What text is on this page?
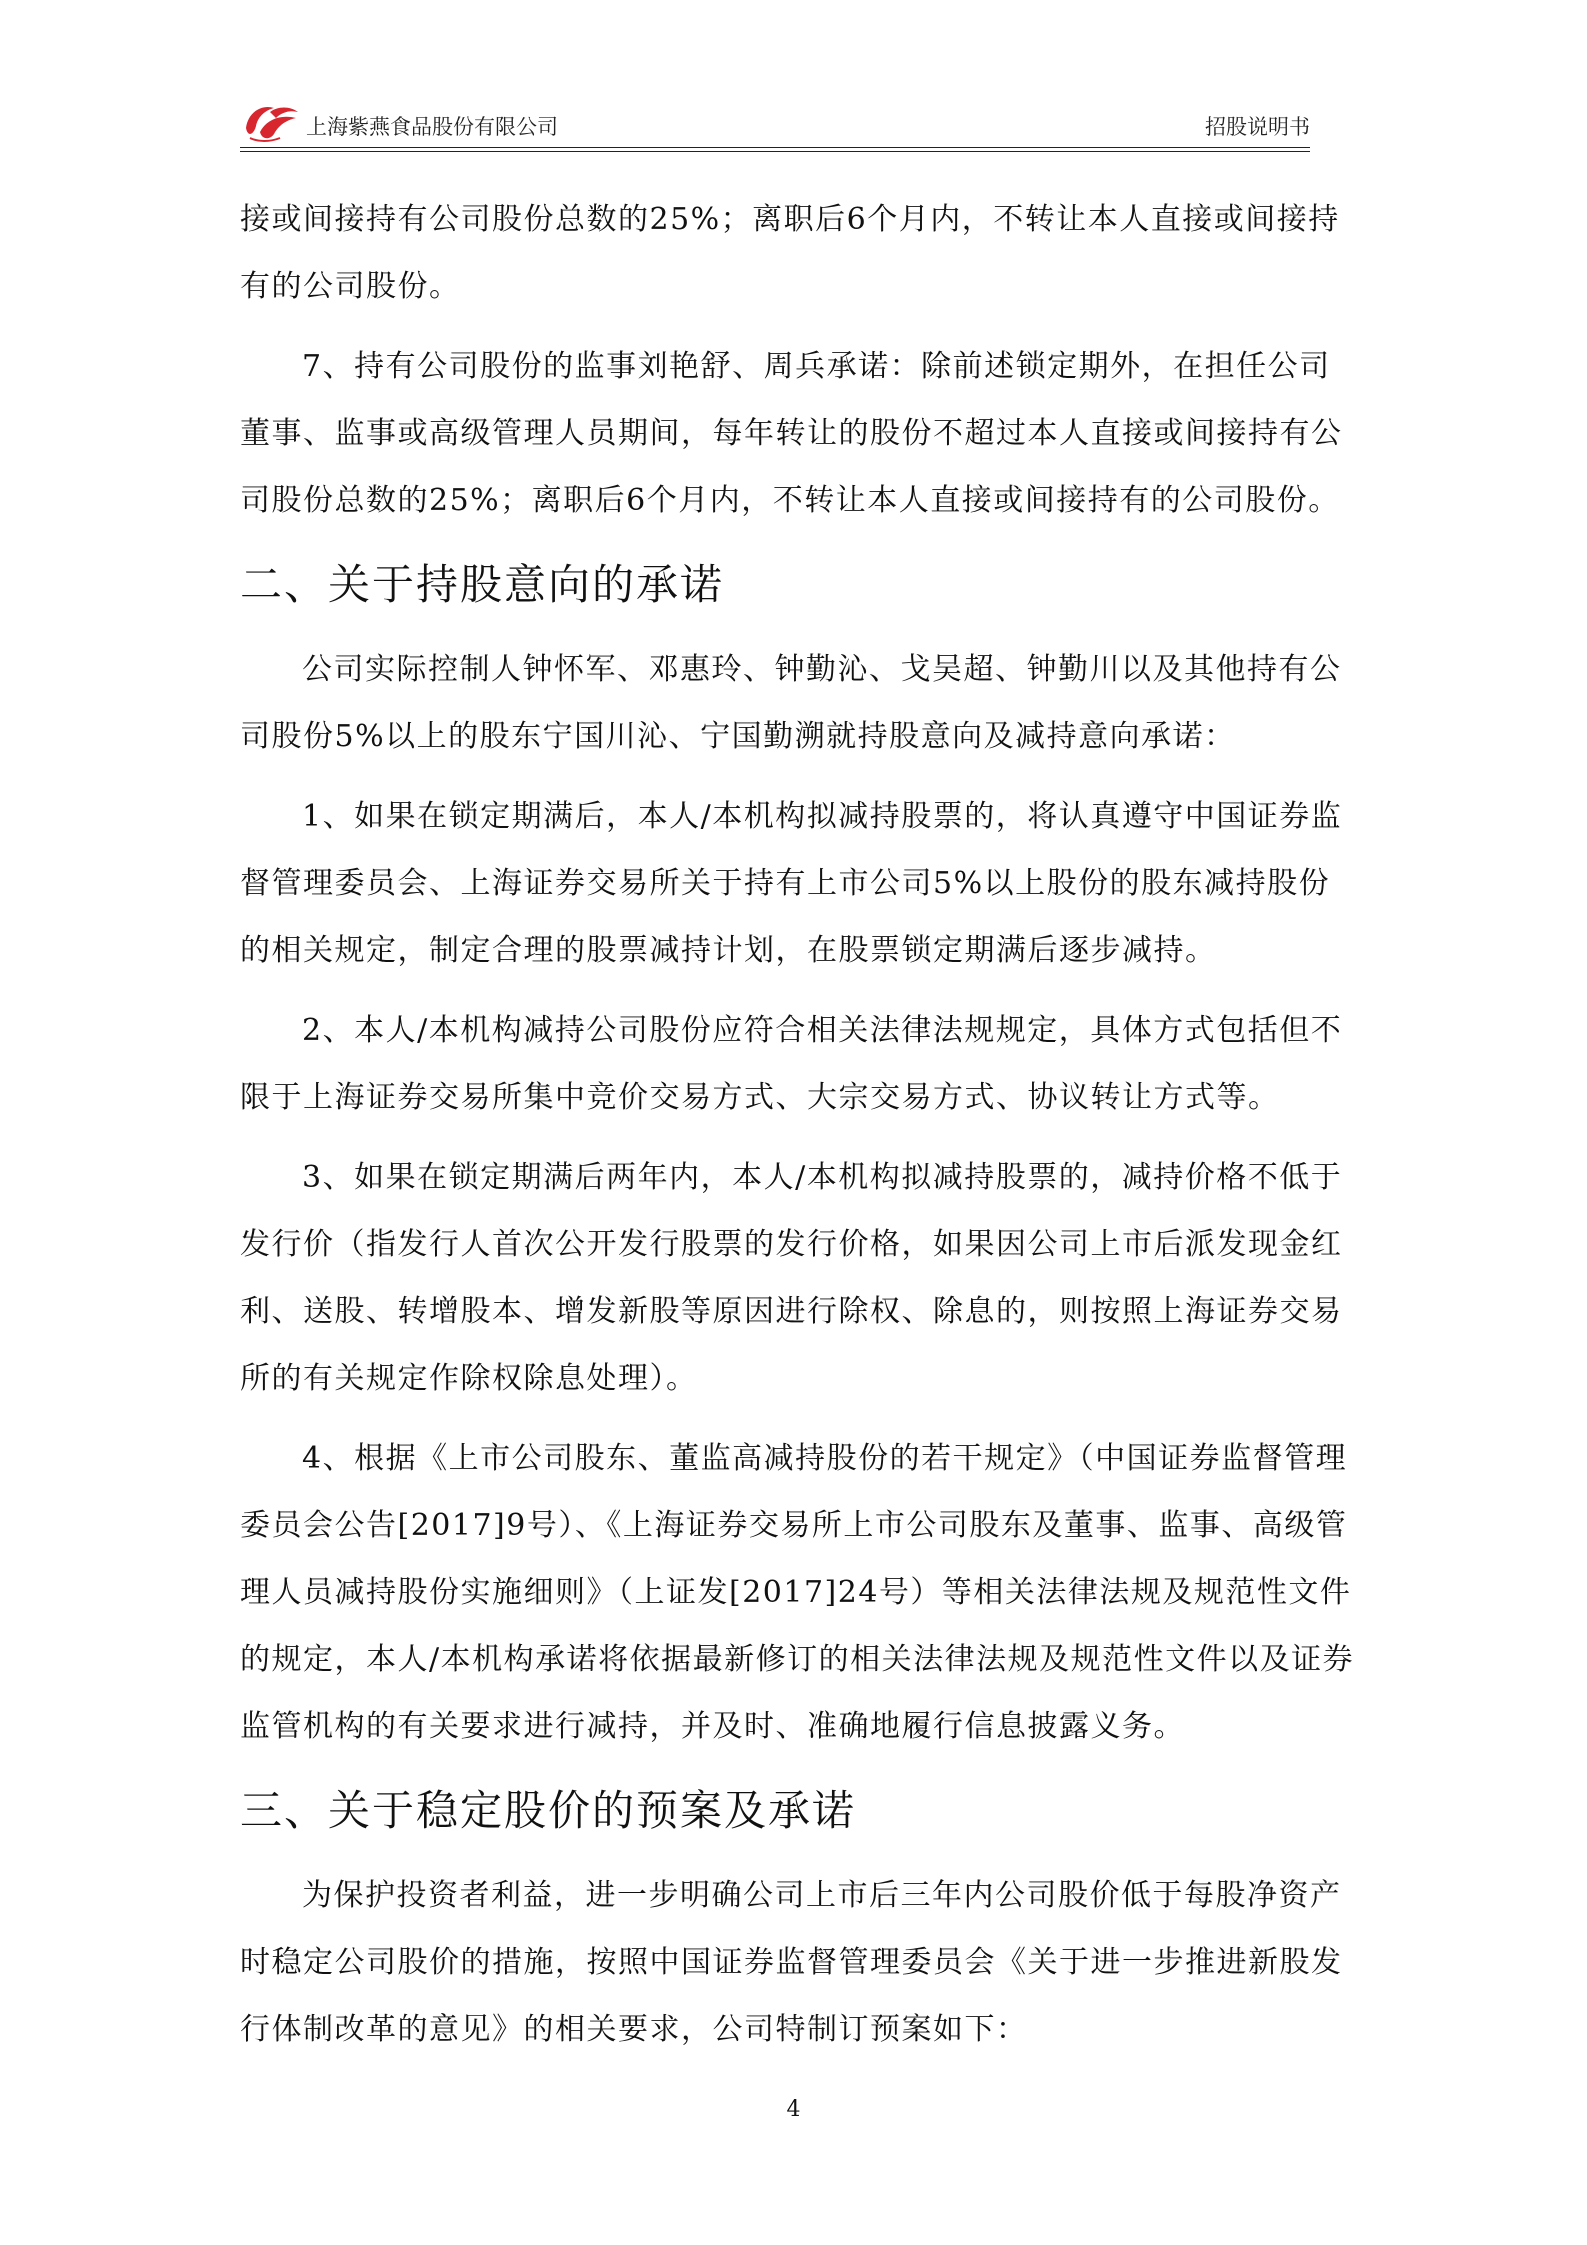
上海紫燕食品股份有限公司	招股说明书

接或间接持有公司股份总数的25%；离职后6个月内，不转让本人直接或间接持有的公司股份。

7、持有公司股份的监事刘艳舒、周兵承诺：除前述锁定期外，在担任公司董事、监事或高级管理人员期间，每年转让的股份不超过本人直接或间接持有公司股份总数的25%；离职后6个月内，不转让本人直接或间接持有的公司股份。

二、关于持股意向的承诺

公司实际控制人钟怀军、邓惠玲、钟勤沁、戈吴超、钟勤川以及其他持有公司股份5%以上的股东宁国川沁、宁国勤溯就持股意向及减持意向承诺：

1、如果在锁定期满后，本人/本机构拟减持股票的，将认真遵守中国证券监督管理委员会、上海证券交易所关于持有上市公司5%以上股份的股东减持股份的相关规定，制定合理的股票减持计划，在股票锁定期满后逐步减持。

2、本人/本机构减持公司股份应符合相关法律法规规定，具体方式包括但不限于上海证券交易所集中竞价交易方式、大宗交易方式、协议转让方式等。

3、如果在锁定期满后两年内，本人/本机构拟减持股票的，减持价格不低于发行价（指发行人首次公开发行股票的发行价格，如果因公司上市后派发现金红利、送股、转增股本、增发新股等原因进行除权、除息的，则按照上海证券交易所的有关规定作除权除息处理）。

4、根据《上市公司股东、董监高减持股份的若干规定》（中国证券监督管理委员会公告[2017]9号）、《上海证券交易所上市公司股东及董事、监事、高级管理人员减持股份实施细则》（上证发[2017]24号）等相关法律法规及规范性文件的规定，本人/本机构承诺将依据最新修订的相关法律法规及规范性文件以及证券监管机构的有关要求进行减持，并及时、准确地履行信息披露义务。

三、关于稳定股价的预案及承诺

为保护投资者利益，进一步明确公司上市后三年内公司股价低于每股净资产时稳定公司股价的措施，按照中国证券监督管理委员会《关于进一步推进新股发行体制改革的意见》的相关要求，公司特制订预案如下：

4
